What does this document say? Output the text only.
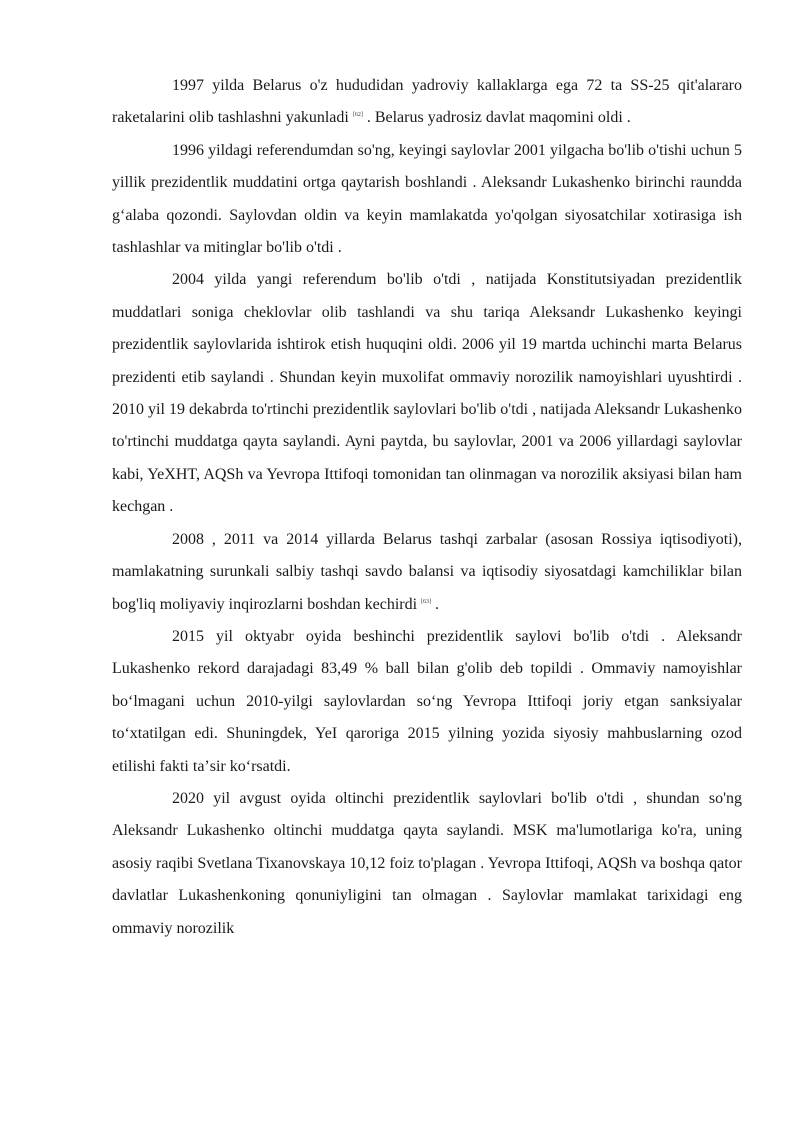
1997 yilda Belarus o'z hududidan yadroviy kallaklarga ega 72 ta SS-25 qit'alararo raketalarini olib tashlashni yakunladi [62] . Belarus yadrosiz davlat maqomini oldi .

1996 yildagi referendumdan so'ng, keyingi saylovlar 2001 yilgacha bo'lib o'tishi uchun 5 yillik prezidentlik muddatini ortga qaytarish boshlandi . Aleksandr Lukashenko birinchi raundda gʻalaba qozondi. Saylovdan oldin va keyin mamlakatda yo'qolgan siyosatchilar xotirasiga ish tashlashlar va mitinglar bo'lib o'tdi .

2004 yilda yangi referendum bo'lib o'tdi , natijada Konstitutsiyadan prezidentlik muddatlari soniga cheklovlar olib tashlandi va shu tariqa Aleksandr Lukashenko keyingi prezidentlik saylovlarida ishtirok etish huquqini oldi. 2006 yil 19 martda uchinchi marta Belarus prezidenti etib saylandi . Shundan keyin muxolifat ommaviy norozilik namoyishlari uyushtirdi . 2010 yil 19 dekabrda to'rtinchi prezidentlik saylovlari bo'lib o'tdi , natijada Aleksandr Lukashenko to'rtinchi muddatga qayta saylandi. Ayni paytda, bu saylovlar, 2001 va 2006 yillardagi saylovlar kabi, YeXHT, AQSh va Yevropa Ittifoqi tomonidan tan olinmagan va norozilik aksiyasi bilan ham kechgan .

2008 , 2011 va 2014 yillarda Belarus tashqi zarbalar (asosan Rossiya iqtisodiyoti), mamlakatning surunkali salbiy tashqi savdo balansi va iqtisodiy siyosatdagi kamchiliklar bilan bog'liq moliyaviy inqirozlarni boshdan kechirdi [63] .

2015 yil oktyabr oyida beshinchi prezidentlik saylovi bo'lib o'tdi . Aleksandr Lukashenko rekord darajadagi 83,49 % ball bilan g'olib deb topildi . Ommaviy namoyishlar boʻlmagani uchun 2010-yilgi saylovlardan soʻng Yevropa Ittifoqi joriy etgan sanksiyalar toʻxtatilgan edi. Shuningdek, YeI qaroriga 2015 yilning yozida siyosiy mahbuslarning ozod etilishi fakti taʼsir koʻrsatdi.

2020 yil avgust oyida oltinchi prezidentlik saylovlari bo'lib o'tdi , shundan so'ng Aleksandr Lukashenko oltinchi muddatga qayta saylandi. MSK ma'lumotlariga ko'ra, uning asosiy raqibi Svetlana Tixanovskaya 10,12 foiz to'plagan . Yevropa Ittifoqi, AQSh va boshqa qator davlatlar Lukashenkoning qonuniyligini tan olmagan . Saylovlar mamlakat tarixidagi eng ommaviy norozilik
